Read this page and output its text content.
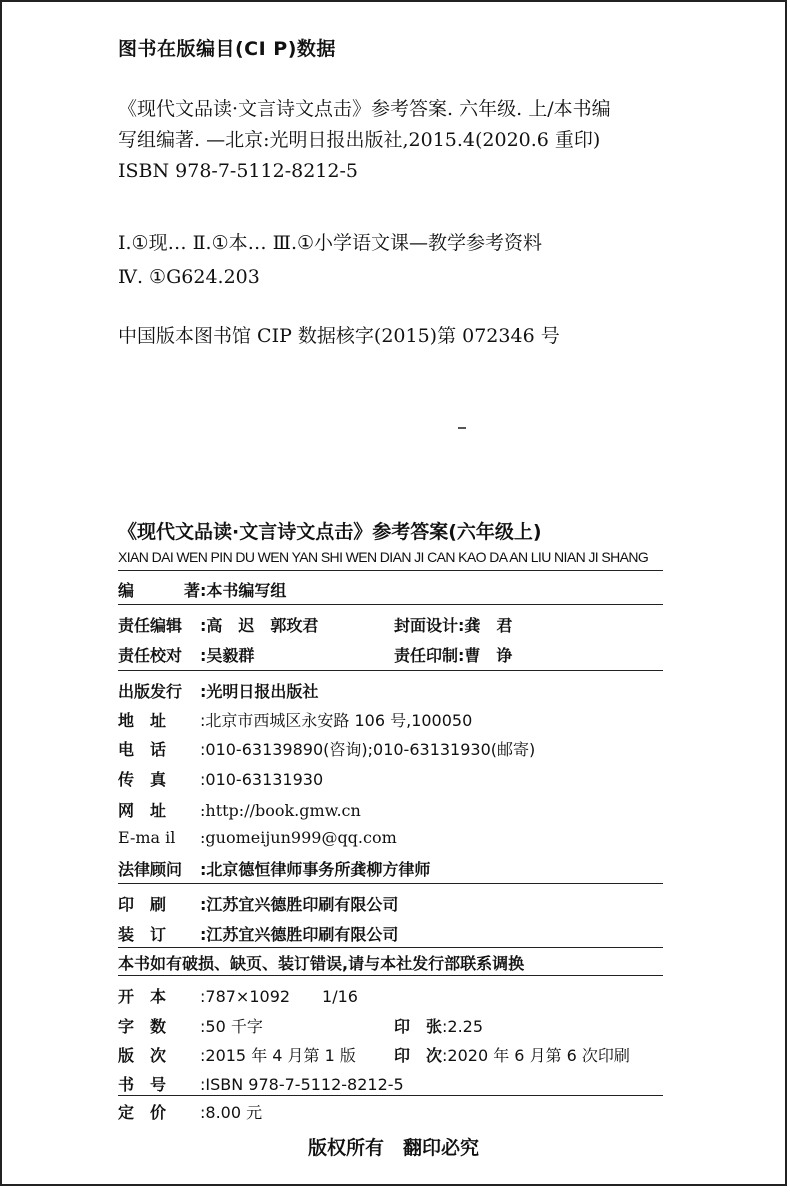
图书在版编目(CI P)数据

《现代文品读·文言诗文点击》参考答案. 六年级. 上/本书编
写组编著. —北京:光明日报出版社,2015.4(2020.6 重印)
ISBN 978-7-5112-8212-5

Ⅰ.①现… Ⅱ.①本… Ⅲ.①小学语文课—教学参考资料
Ⅳ. ①G624.203

中国版本图书馆 CIP 数据核字(2015)第 072346 号

《现代文品读·文言诗文点击》参考答案(六年级上)
XIAN DAI WEN PIN DU WEN YAN SHI WEN DIAN JI CAN KAO DA AN LIU NIAN JI SHANG
编　著:本书编写组
责任编辑 :高　迟　郭玫君	封面设计:龚　君
责任校对 :吴毅群	责任印制:曹　诤
出版发行 :光明日报出版社
地　址 :北京市西城区永安路 106 号,100050
电　话 :010-63139890(咨询);010-63131930(邮寄)
传　真 :010-63131930
网　址 :http://book.gmw.cn
E-ma il :guomeijun999@qq.com
法律顾问 :北京德恒律师事务所龚柳方律师
印　刷 :江苏宜兴德胜印刷有限公司
装　订 :江苏宜兴德胜印刷有限公司
本书如有破损、缺页、装订错误,请与本社发行部联系调换
开　本 :787×1092　　1/16
字　数 :50 千字	印　张:2.25
版　次 :2015 年 4 月第 1 版 印　次:2020 年 6 月第 6 次印刷
书　号 :ISBN 978-7-5112-8212-5
定　价 :8.00 元
版权所有　翻印必究
